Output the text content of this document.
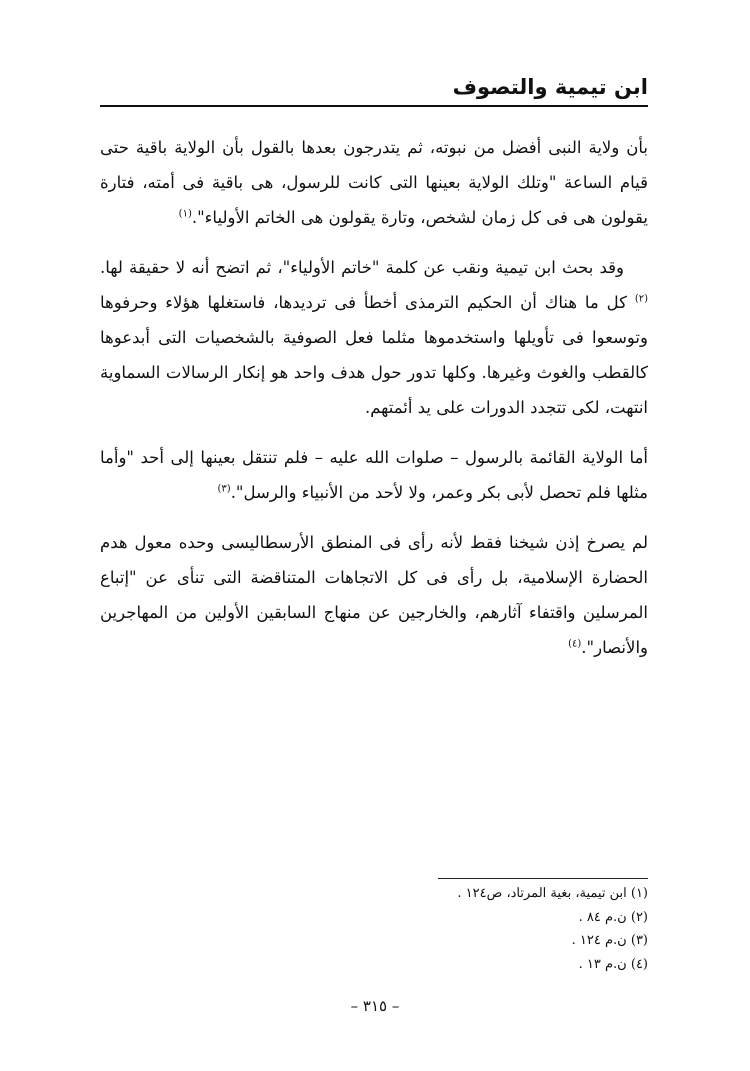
ابن تيمية والتصوف

بأن ولاية النبى أفضل من نبوته، ثم يتدرجون بعدها بالقول بأن الولاية باقية حتى قيام الساعة "وتلك الولاية بعينها التى كانت للرسول، هى باقية فى أمته، فتارة يقولون هى فى كل زمان لشخص، وتارة يقولون هى الخاتم الأولياء".$^{(١)}$

وقد بحث ابن تيمية ونقب عن كلمة "خاتم الأولياء"، ثم اتضح أنه لا حقيقة لها.$^{(٢)}$ كل ما هناك أن الحكيم الترمذى أخطأ فى ترديدها، فاستغلها هؤلاء وحرفوها وتوسعوا فى تأويلها واستخدموها مثلما فعل الصوفية بالشخصيات التى أبدعوها كالقطب والغوث وغيرها. وكلها تدور حول هدف واحد هو إنكار الرسالات السماوية انتهت، لكى تتجدد الدورات على يد أئمتهم.

أما الولاية القائمة بالرسول – صلوات الله عليه – فلم تنتقل بعينها إلى أحد "وأما مثلها فلم تحصل لأبى بكر وعمر، ولا لأحد من الأنبياء والرسل".$^{(٣)}$

لم يصرخ إذن شيخنا فقط لأنه رأى فى المنطق الأرسطاليسى وحده معول هدم الحضارة الإسلامية، بل رأى فى كل الاتجاهات المتناقضة التى تنأى عن "إتباع المرسلين واقتفاء آثارهم، والخارجين عن منهاج السابقين الأولين من المهاجرين والأنصار".$^{(٤)}$

(١) ابن تيمية، بغية المرتاد، ص١٢٤ .
(٢) ن.م ٨٤ .
(٣) ن.م ١٢٤ .
(٤) ن.م ١٣ .
– ٣١٥ –
